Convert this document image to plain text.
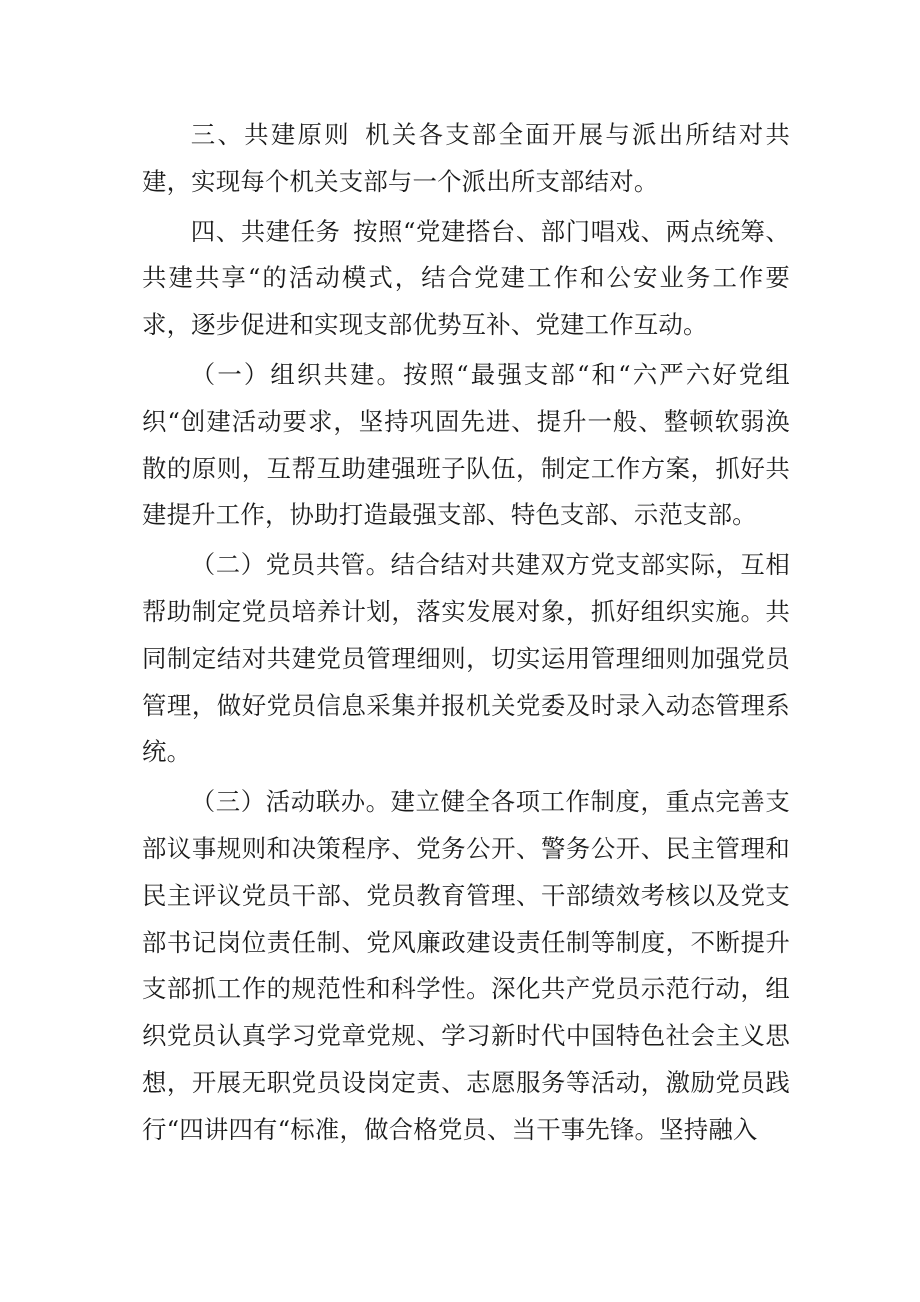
三、共建原则 机关各支部全面开展与派出所结对共建，实现每个机关支部与一个派出所支部结对。

四、共建任务 按照“党建搭台、部门唱戏、两点统筹、共建共享“的活动模式，结合党建工作和公安业务工作要求，逐步促进和实现支部优势互补、党建工作互动。

（一）组织共建。按照“最强支部“和“六严六好党组织“创建活动要求，坚持巩固先进、提升一般、整顿软弱涣散的原则，互帮互助建强班子队伍，制定工作方案，抓好共建提升工作，协助打造最强支部、特色支部、示范支部。

（二）党员共管。结合结对共建双方党支部实际，互相帮助制定党员培养计划，落实发展对象，抓好组织实施。共同制定结对共建党员管理细则，切实运用管理细则加强党员管理，做好党员信息采集并报机关党委及时录入动态管理系统。

（三）活动联办。建立健全各项工作制度，重点完善支部议事规则和决策程序、党务公开、警务公开、民主管理和民主评议党员干部、党员教育管理、干部绩效考核以及党支部书记岗位责任制、党风廉政建设责任制等制度，不断提升支部抓工作的规范性和科学性。深化共产党员示范行动，组织党员认真学习党章党规、学习新时代中国特色社会主义思想，开展无职党员设岗定责、志愿服务等活动，激励党员践行“四讲四有“标准，做合格党员、当干事先锋。坚持融入
